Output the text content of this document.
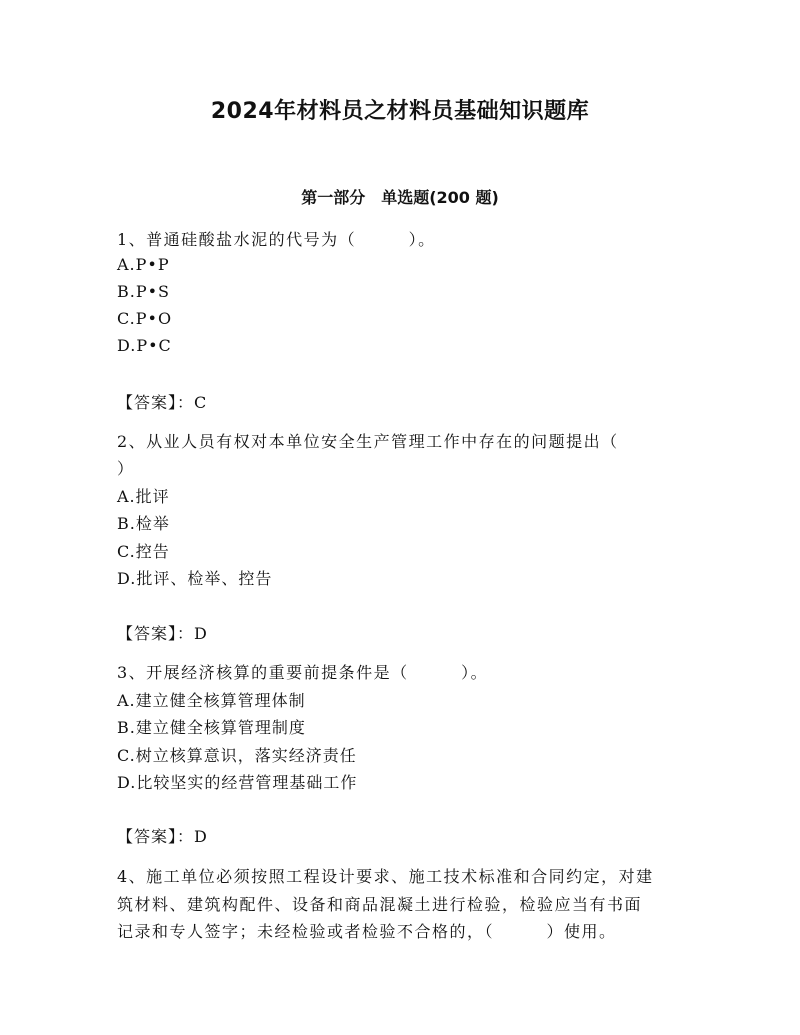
2024年材料员之材料员基础知识题库
第一部分　单选题(200 题)
1、普通硅酸盐水泥的代号为（　　　）。
A.P•P
B.P•S
C.P•O
D.P•C
【答案】：C
2、从业人员有权对本单位安全生产管理工作中存在的问题提出（
）
A.批评
B.检举
C.控告
D.批评、检举、控告
【答案】：D
3、开展经济核算的重要前提条件是（　　　）。
A.建立健全核算管理体制
B.建立健全核算管理制度
C.树立核算意识，落实经济责任
D.比较坚实的经营管理基础工作
【答案】：D
4、施工单位必须按照工程设计要求、施工技术标准和合同约定，对建
筑材料、建筑构配件、设备和商品混凝土进行检验，检验应当有书面
记录和专人签字；未经检验或者检验不合格的，（　　　）使用。
